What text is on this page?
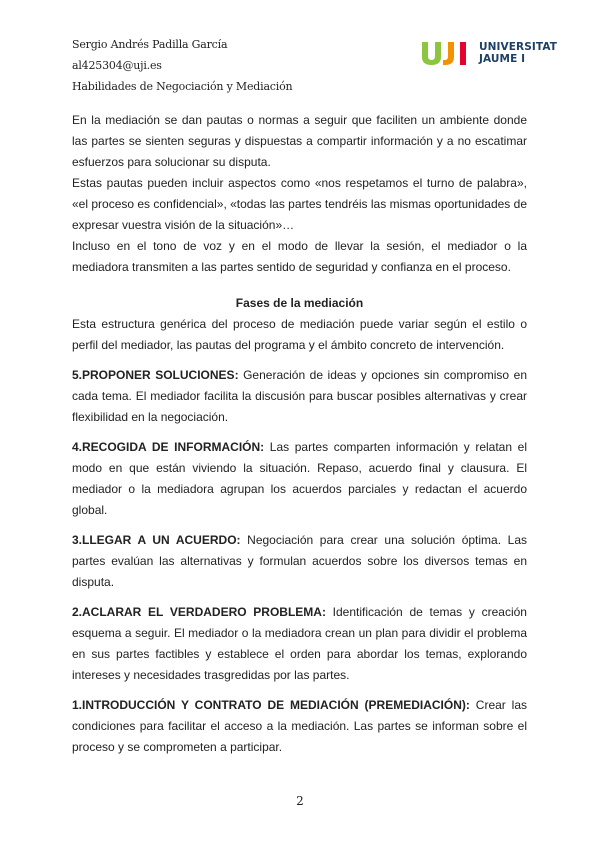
Sergio Andrés Padilla García
al425304@uji.es
Habilidades de Negociación y Mediación
UNIVERSITAT
JAUME I

En la mediación se dan pautas o normas a seguir que faciliten un ambiente donde las partes se sienten seguras y dispuestas a compartir información y a no escatimar esfuerzos para solucionar su disputa.

Estas pautas pueden incluir aspectos como «nos respetamos el turno de palabra», «el proceso es confidencial», «todas las partes tendréis las mismas oportunidades de expresar vuestra visión de la situación»…

Incluso en el tono de voz y en el modo de llevar la sesión, el mediador o la mediadora transmiten a las partes sentido de seguridad y confianza en el proceso.

Fases de la mediación

Esta estructura genérica del proceso de mediación puede variar según el estilo o perfil del mediador, las pautas del programa y el ámbito concreto de intervención.

5.PROPONER SOLUCIONES: Generación de ideas y opciones sin compromiso en cada tema. El mediador facilita la discusión para buscar posibles alternativas y crear flexibilidad en la negociación.

4.RECOGIDA DE INFORMACIÓN: Las partes comparten información y relatan el modo en que están viviendo la situación. Repaso, acuerdo final y clausura. El mediador o la mediadora agrupan los acuerdos parciales y redactan el acuerdo global.

3.LLEGAR A UN ACUERDO: Negociación para crear una solución óptima. Las partes evalúan las alternativas y formulan acuerdos sobre los diversos temas en disputa.

2.ACLARAR EL VERDADERO PROBLEMA: Identificación de temas y creación esquema a seguir. El mediador o la mediadora crean un plan para dividir el problema en sus partes factibles y establece el orden para abordar los temas, explorando intereses y necesidades trasgredidas por las partes.

1.INTRODUCCIÓN Y CONTRATO DE MEDIACIÓN (PREMEDIACIÓN): Crear las condiciones para facilitar el acceso a la mediación. Las partes se informan sobre el proceso y se comprometen a participar.

2
